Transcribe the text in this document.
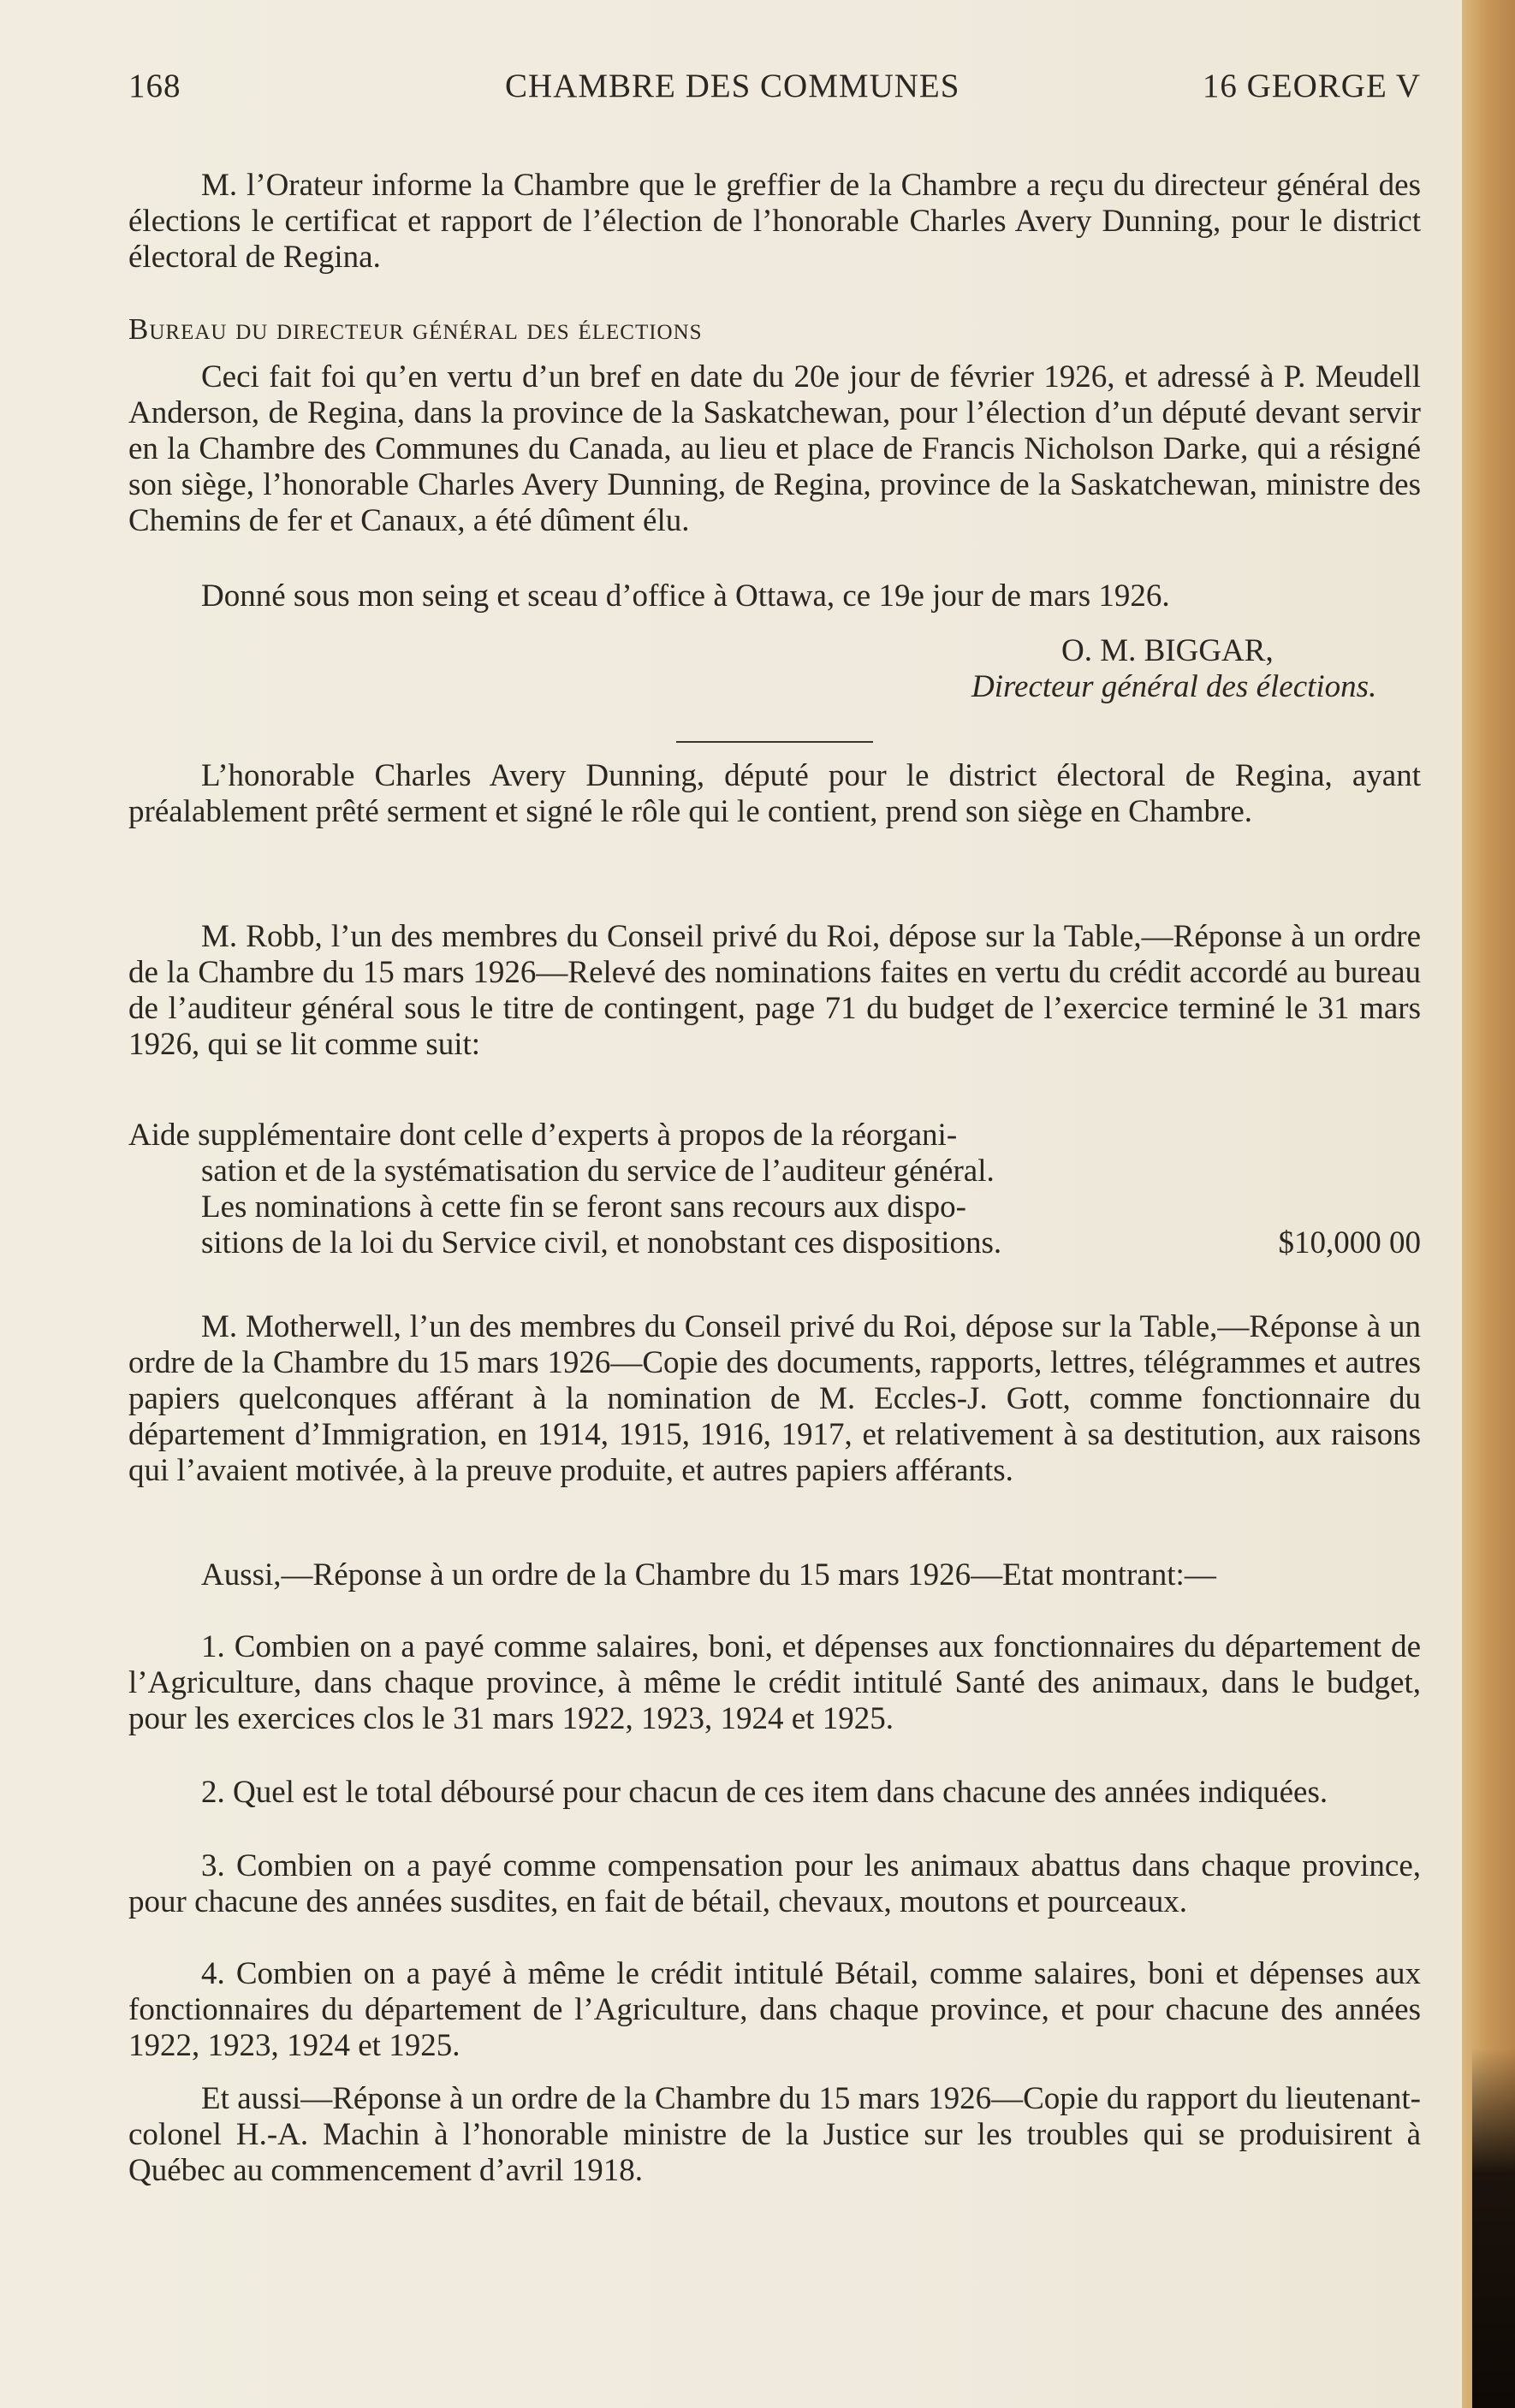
168	CHAMBRE DES COMMUNES	16 GEORGE V

M. l’Orateur informe la Chambre que le greffier de la Chambre a reçu du directeur général des élections le certificat et rapport de l’élection de l’honorable Charles Avery Dunning, pour le district électoral de Regina.

Bureau du directeur général des élections

Ceci fait foi qu’en vertu d’un bref en date du 20e jour de février 1926, et adressé à P. Meudell Anderson, de Regina, dans la province de la Saskatchewan, pour l’élection d’un député devant servir en la Chambre des Communes du Canada, au lieu et place de Francis Nicholson Darke, qui a résigné son siège, l’honorable Charles Avery Dunning, de Regina, province de la Saskatchewan, ministre des Chemins de fer et Canaux, a été dûment élu.

Donné sous mon seing et sceau d’office à Ottawa, ce 19e jour de mars 1926.

O. M. BIGGAR,
Directeur général des élections.

L’honorable Charles Avery Dunning, député pour le district électoral de Regina, ayant préalablement prêté serment et signé le rôle qui le contient, prend son siège en Chambre.

M. Robb, l’un des membres du Conseil privé du Roi, dépose sur la Table,—Réponse à un ordre de la Chambre du 15 mars 1926—Relevé des nominations faites en vertu du crédit accordé au bureau de l’auditeur général sous le titre de contingent, page 71 du budget de l’exercice terminé le 31 mars 1926, qui se lit comme suit:

Aide supplémentaire dont celle d’experts à propos de la réorgani-
sation et de la systématisation du service de l’auditeur général.
Les nominations à cette fin se feront sans recours aux dispo-
sitions de la loi du Service civil, et nonobstant ces dispositions.	$10,000 00

M. Motherwell, l’un des membres du Conseil privé du Roi, dépose sur la Table,—Réponse à un ordre de la Chambre du 15 mars 1926—Copie des documents, rapports, lettres, télégrammes et autres papiers quelconques afférant à la nomination de M. Eccles-J. Gott, comme fonctionnaire du département d’Immigration, en 1914, 1915, 1916, 1917, et relativement à sa destitution, aux raisons qui l’avaient motivée, à la preuve produite, et autres papiers afférants.

Aussi,—Réponse à un ordre de la Chambre du 15 mars 1926—Etat montrant:—

1. Combien on a payé comme salaires, boni, et dépenses aux fonctionnaires du département de l’Agriculture, dans chaque province, à même le crédit intitulé Santé des animaux, dans le budget, pour les exercices clos le 31 mars 1922, 1923, 1924 et 1925.

2. Quel est le total déboursé pour chacun de ces item dans chacune des années indiquées.

3. Combien on a payé comme compensation pour les animaux abattus dans chaque province, pour chacune des années susdites, en fait de bétail, chevaux, moutons et pourceaux.

4. Combien on a payé à même le crédit intitulé Bétail, comme salaires, boni et dépenses aux fonctionnaires du département de l’Agriculture, dans chaque province, et pour chacune des années 1922, 1923, 1924 et 1925.

Et aussi—Réponse à un ordre de la Chambre du 15 mars 1926—Copie du rapport du lieutenant-colonel H.-A. Machin à l’honorable ministre de la Justice sur les troubles qui se produisirent à Québec au commencement d’avril 1918.
